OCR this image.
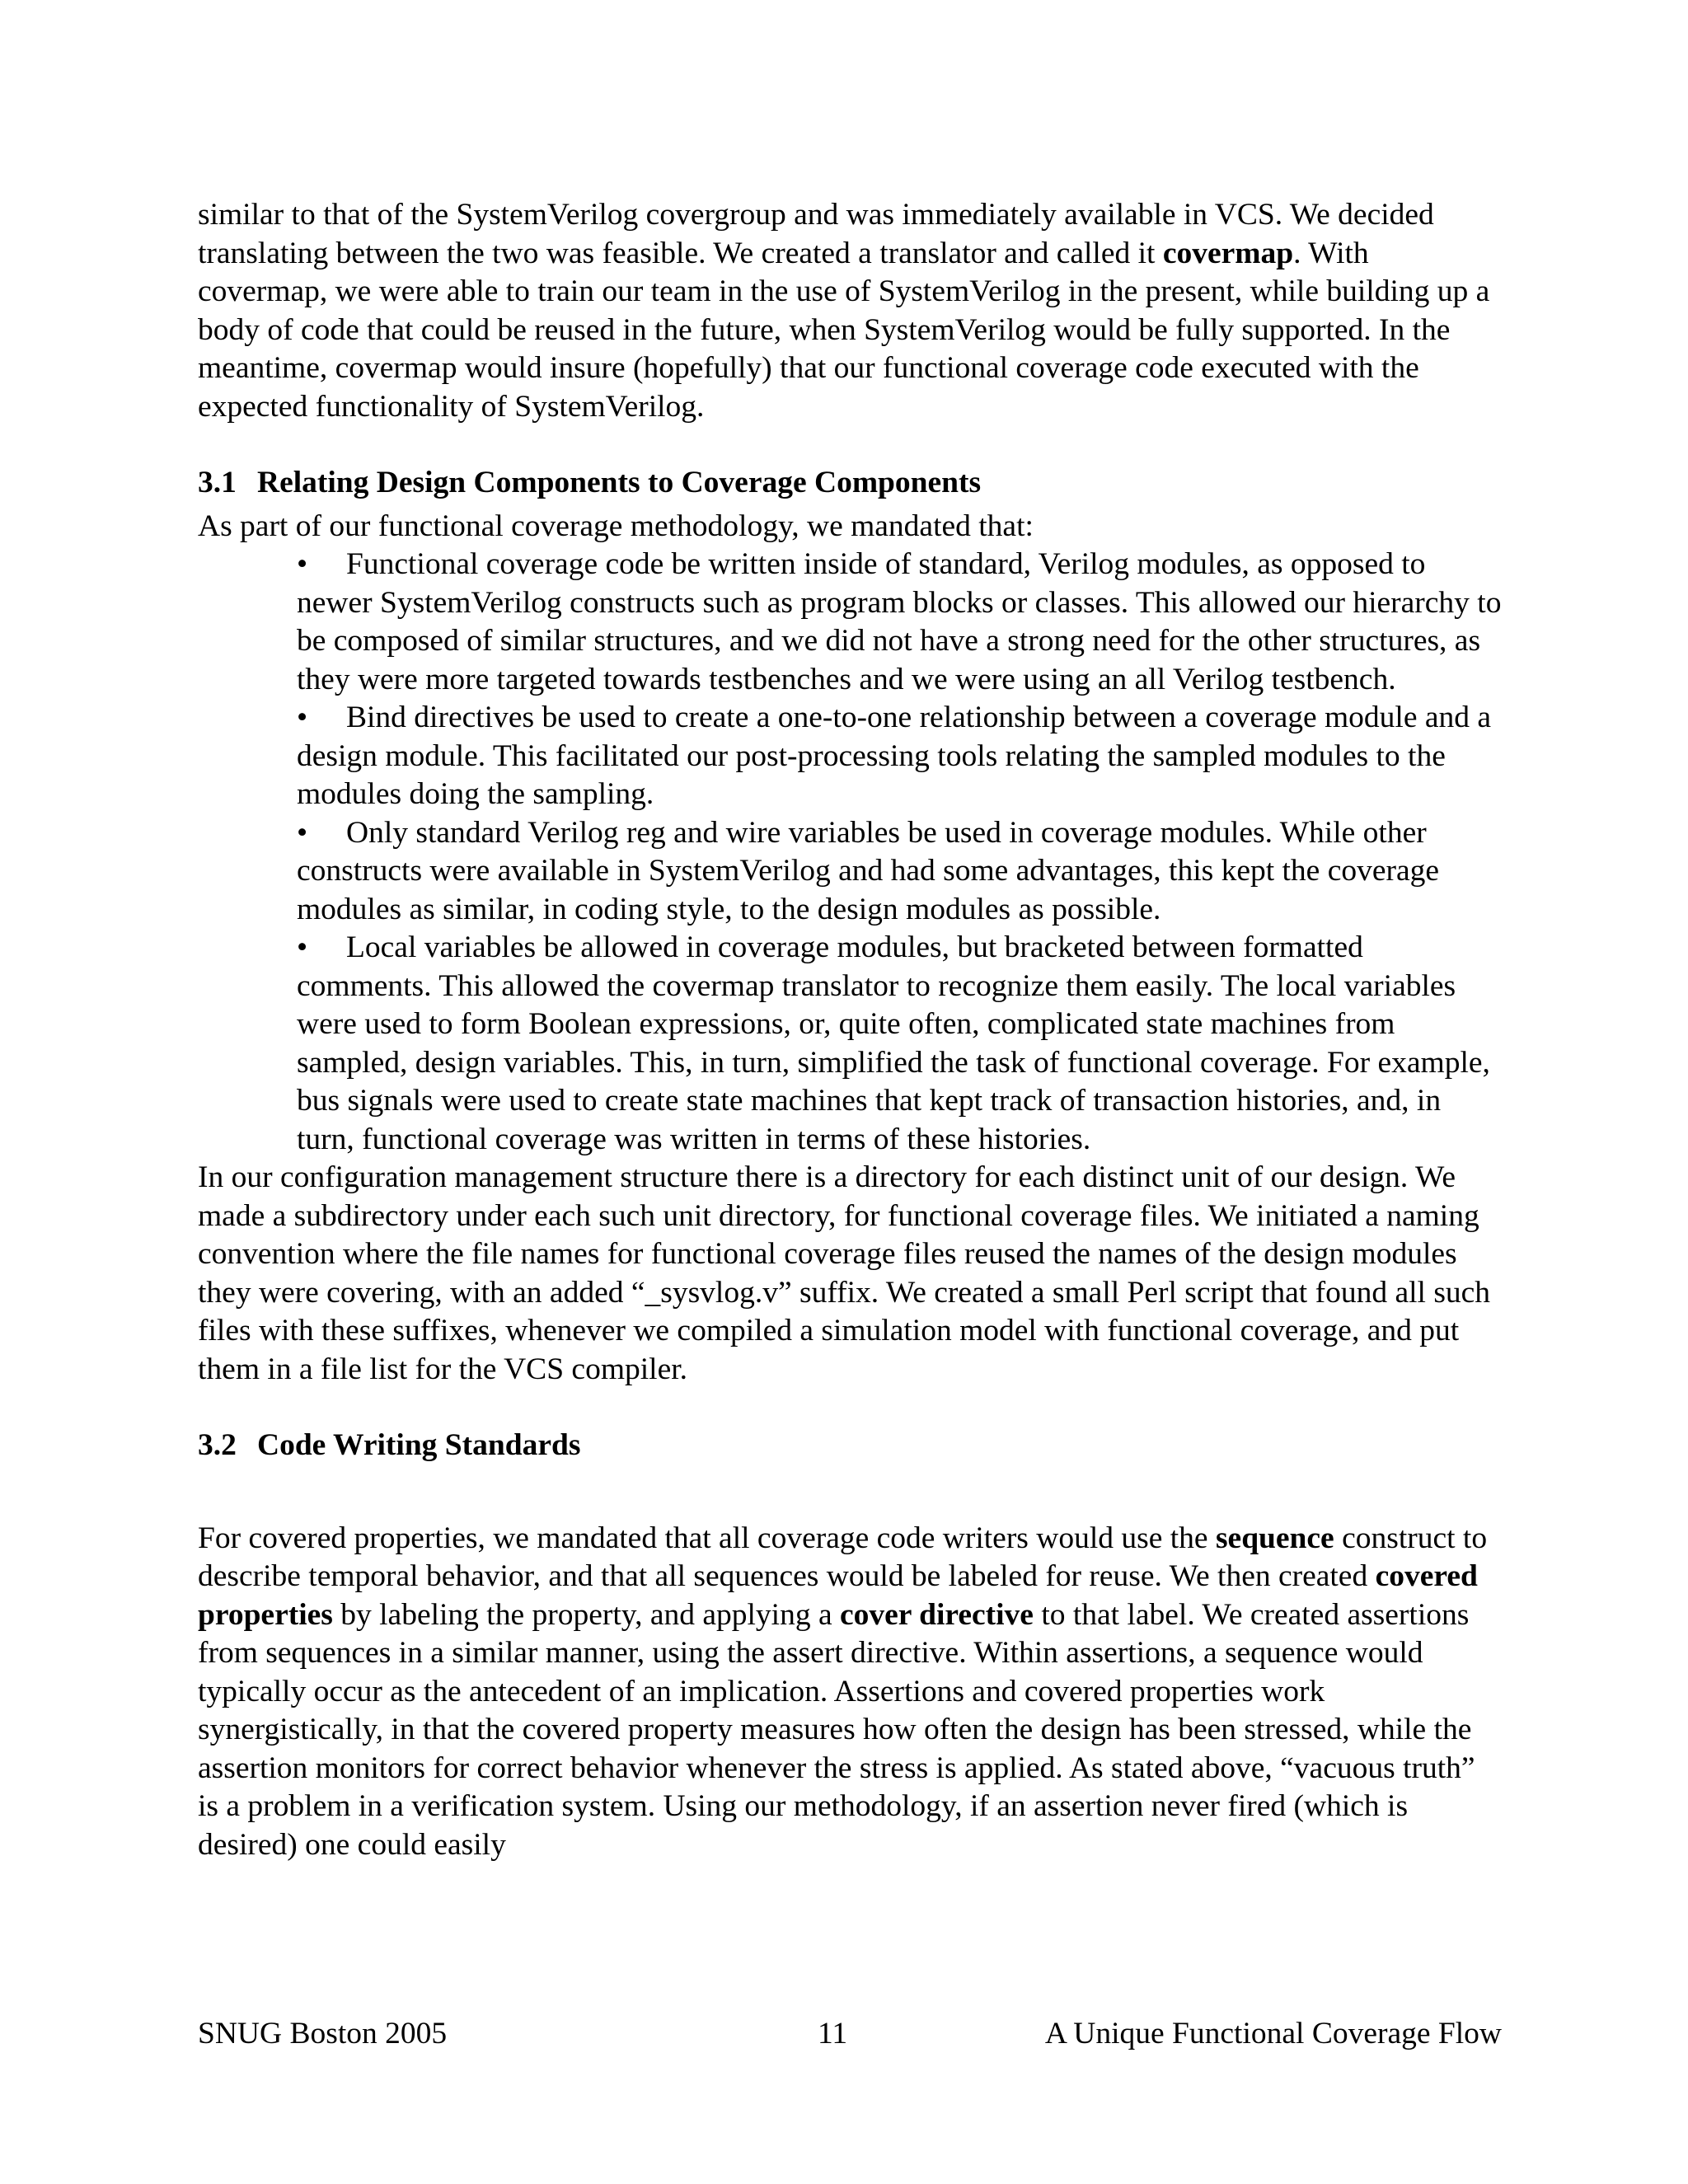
similar to that of the SystemVerilog covergroup and was immediately available in VCS. We decided translating between the two was feasible. We created a translator and called it covermap. With covermap, we were able to train our team in the use of SystemVerilog in the present, while building up a body of code that could be reused in the future, when SystemVerilog would be fully supported. In the meantime, covermap would insure (hopefully) that our functional coverage code executed with the expected functionality of SystemVerilog.

3.1 Relating Design Components to Coverage Components

As part of our functional coverage methodology, we mandated that:

• Functional coverage code be written inside of standard, Verilog modules, as opposed to newer SystemVerilog constructs such as program blocks or classes. This allowed our hierarchy to be composed of similar structures, and we did not have a strong need for the other structures, as they were more targeted towards testbenches and we were using an all Verilog testbench.
• Bind directives be used to create a one-to-one relationship between a coverage module and a design module. This facilitated our post-processing tools relating the sampled modules to the modules doing the sampling.
• Only standard Verilog reg and wire variables be used in coverage modules. While other constructs were available in SystemVerilog and had some advantages, this kept the coverage modules as similar, in coding style, to the design modules as possible.
• Local variables be allowed in coverage modules, but bracketed between formatted comments. This allowed the covermap translator to recognize them easily. The local variables were used to form Boolean expressions, or, quite often, complicated state machines from sampled, design variables. This, in turn, simplified the task of functional coverage. For example, bus signals were used to create state machines that kept track of transaction histories, and, in turn, functional coverage was written in terms of these histories.

In our configuration management structure there is a directory for each distinct unit of our design. We made a subdirectory under each such unit directory, for functional coverage files. We initiated a naming convention where the file names for functional coverage files reused the names of the design modules they were covering, with an added “_sysvlog.v” suffix. We created a small Perl script that found all such files with these suffixes, whenever we compiled a simulation model with functional coverage, and put them in a file list for the VCS compiler.

3.2 Code Writing Standards

For covered properties, we mandated that all coverage code writers would use the sequence construct to describe temporal behavior, and that all sequences would be labeled for reuse. We then created covered properties by labeling the property, and applying a cover directive to that label. We created assertions from sequences in a similar manner, using the assert directive. Within assertions, a sequence would typically occur as the antecedent of an implication. Assertions and covered properties work synergistically, in that the covered property measures how often the design has been stressed, while the assertion monitors for correct behavior whenever the stress is applied. As stated above, “vacuous truth” is a problem in a verification system. Using our methodology, if an assertion never fired (which is desired) one could easily

SNUG Boston 2005	11	A Unique Functional Coverage Flow
